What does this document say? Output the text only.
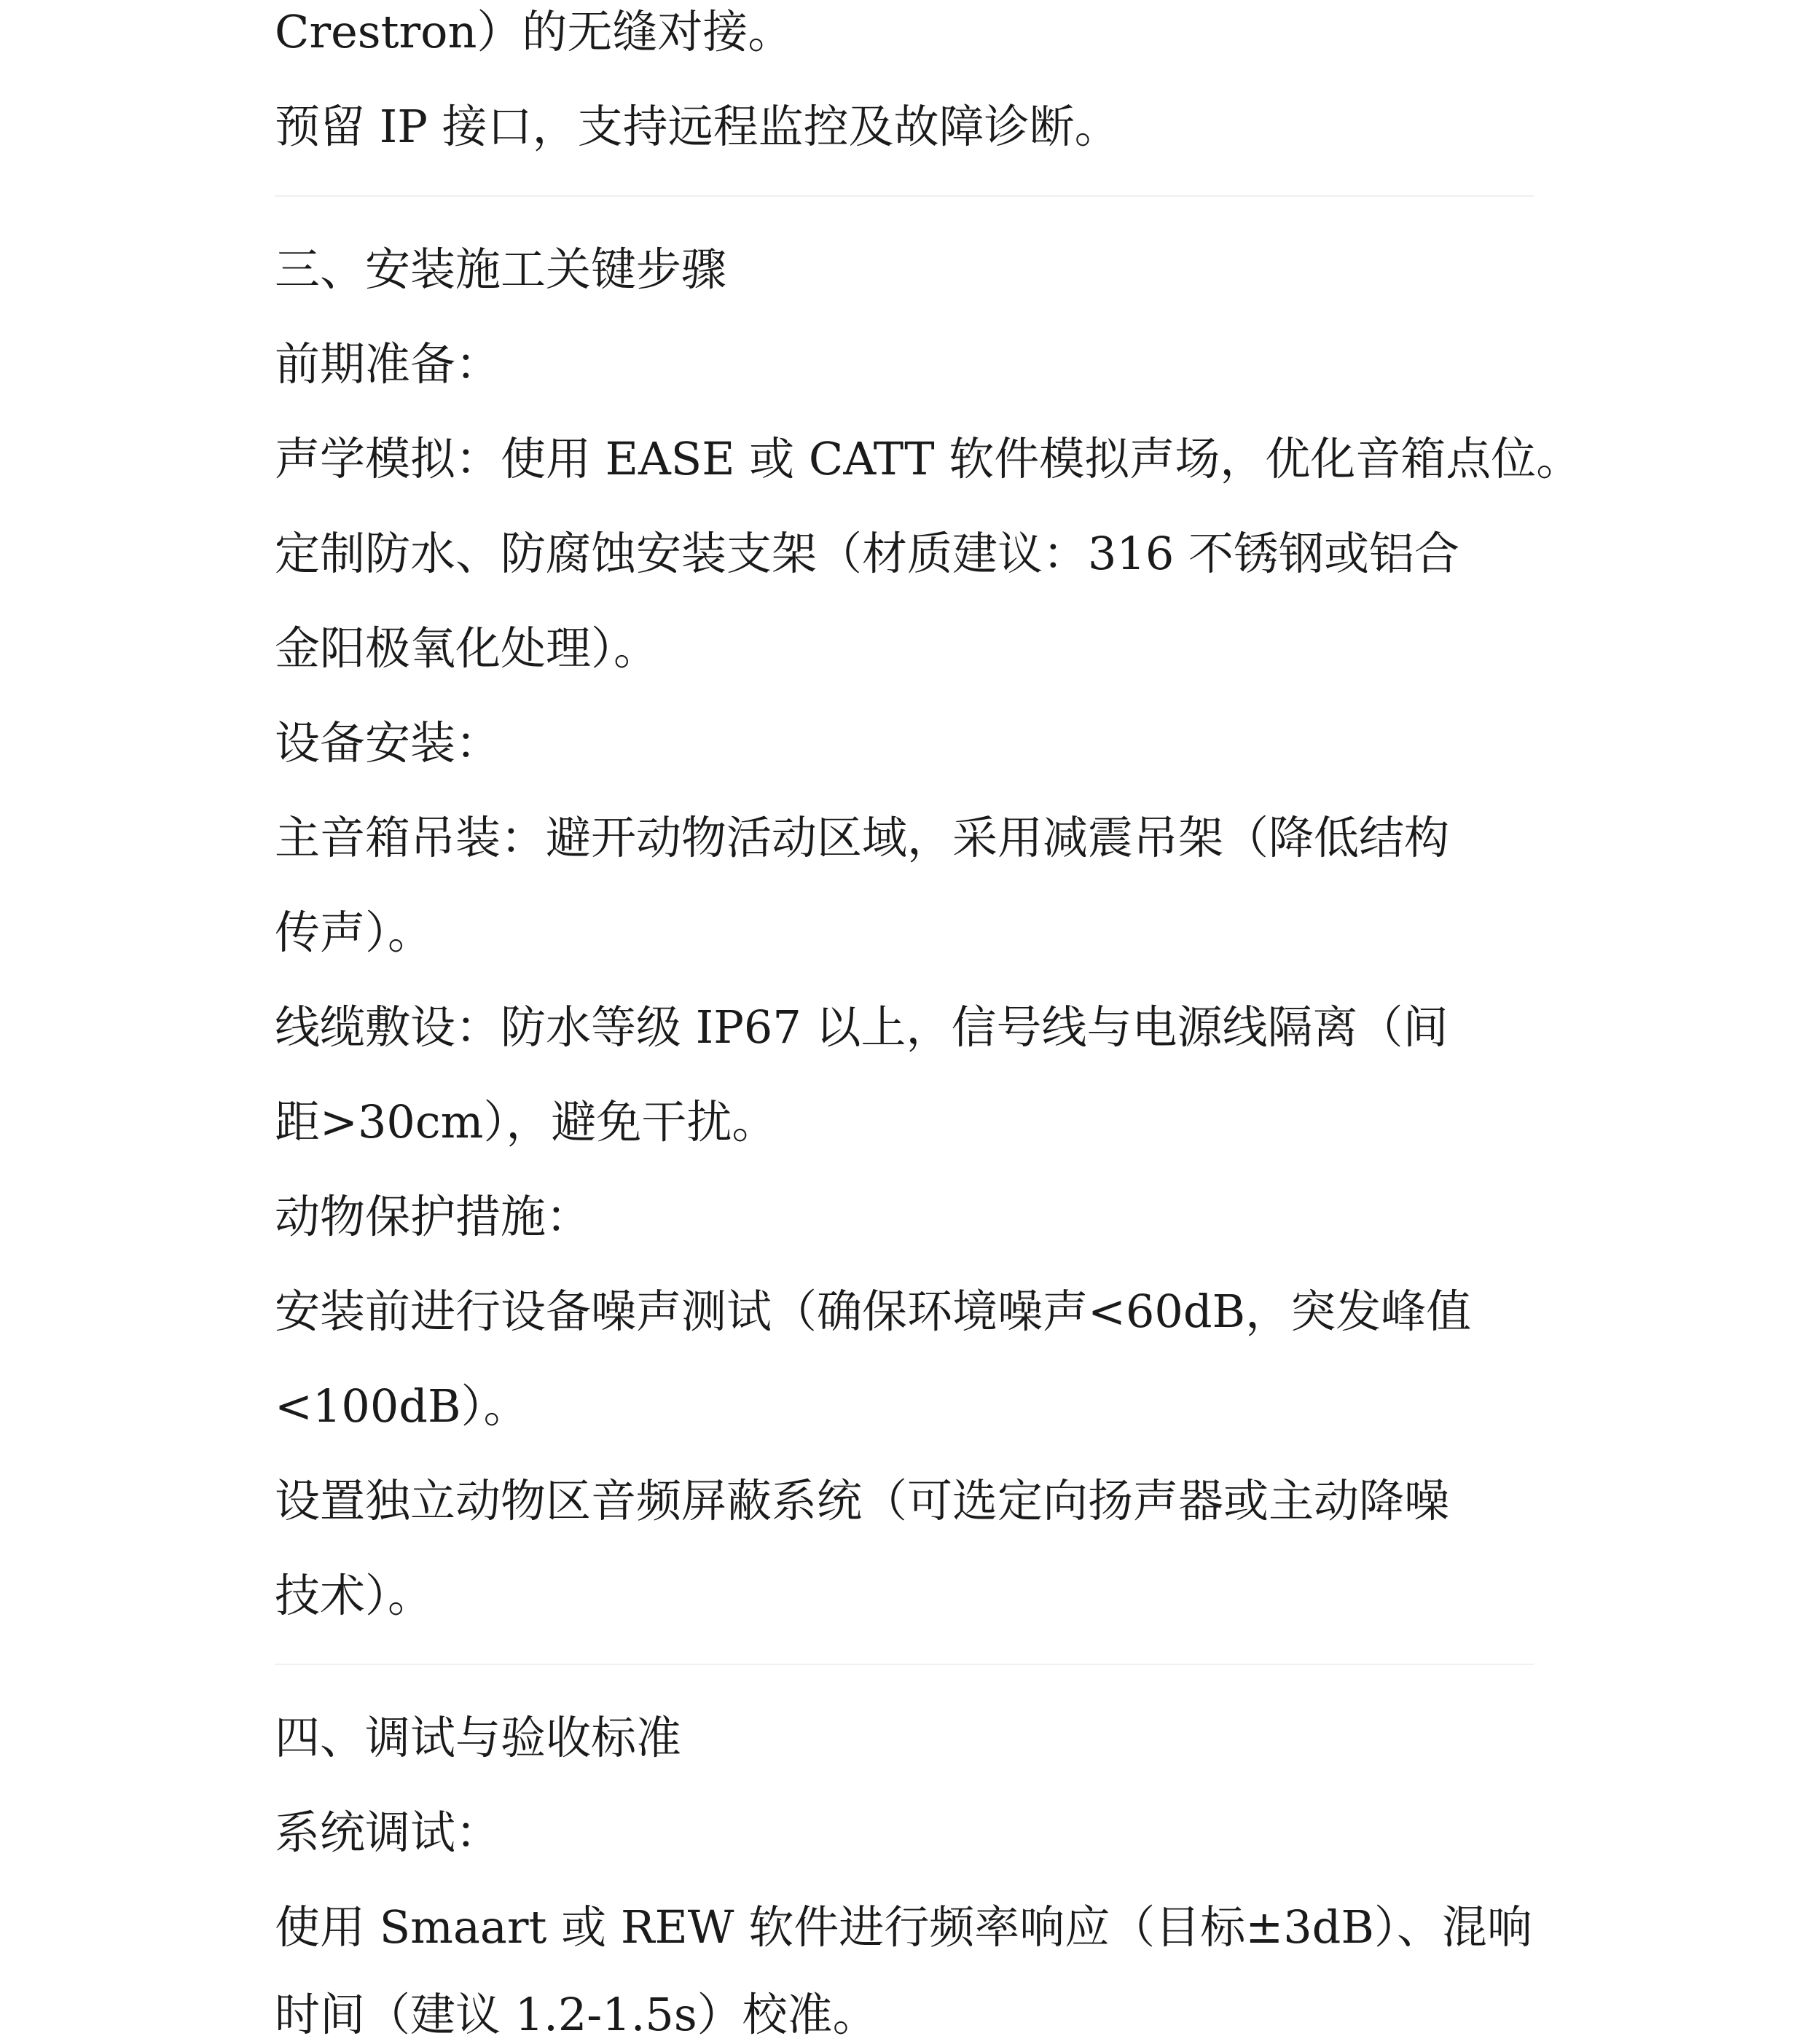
Crestron）的无缝对接。
预留 IP 接口，支持远程监控及故障诊断。
三、安装施工关键步骤
前期准备：
声学模拟：使用 EASE 或 CATT 软件模拟声场，优化音箱点位。
定制防水、防腐蚀安装支架（材质建议：316 不锈钢或铝合
金阳极氧化处理）。
设备安装：
主音箱吊装：避开动物活动区域，采用减震吊架（降低结构
传声）。
线缆敷设：防水等级 IP67 以上，信号线与电源线隔离（间
距>30cm），避免干扰。
动物保护措施：
安装前进行设备噪声测试（确保环境噪声<60dB，突发峰值
<100dB）。
设置独立动物区音频屏蔽系统（可选定向扬声器或主动降噪
技术）。
四、调试与验收标准
系统调试：
使用 Smaart 或 REW 软件进行频率响应（目标±3dB）、混响
时间（建议 1.2-1.5s）校准。
